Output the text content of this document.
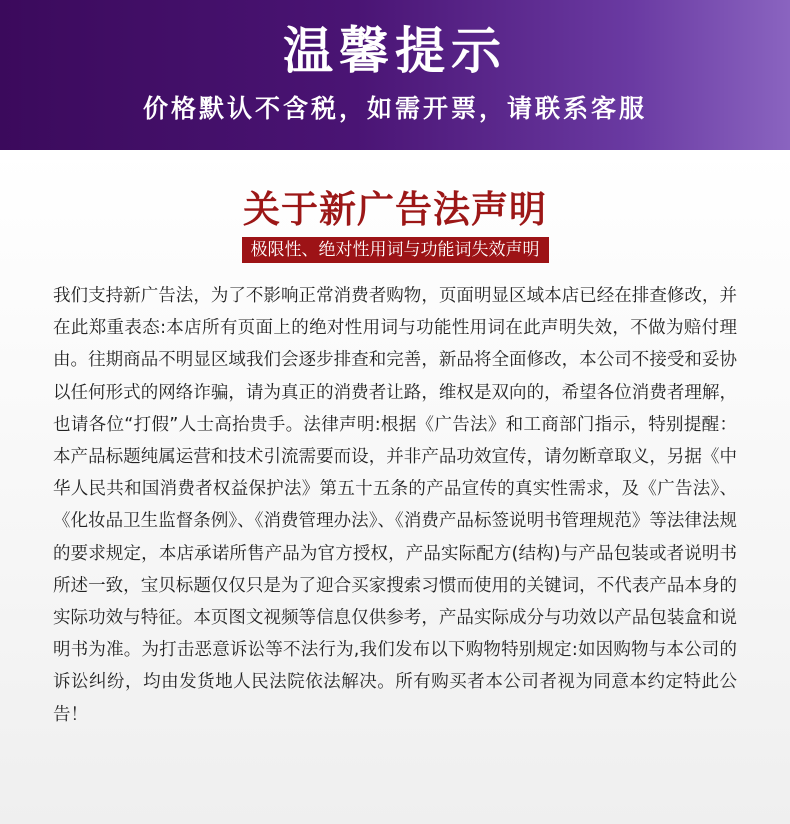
温馨提示
价格默认不含税，如需开票，请联系客服
关于新广告法声明
极限性、绝对性用词与功能词失效声明

我们支持新广告法，为了不影响正常消费者购物，页面明显区域本店已经在排查修改，并在此郑重表态:本店所有页面上的绝对性用词与功能性用词在此声明失效，不做为赔付理由。往期商品不明显区域我们会逐步排查和完善，新品将全面修改，本公司不接受和妥协以任何形式的网络诈骗，请为真正的消费者让路，维权是双向的，希望各位消费者理解，也请各位“打假”人士高抬贵手。法律声明:根据《广告法》和工商部门指示，特别提醒：本产品标题纯属运营和技术引流需要而设，并非产品功效宣传，请勿断章取义，另据《中华人民共和国消费者权益保护法》第五十五条的产品宣传的真实性需求，及《广告法》、《化妆品卫生监督条例》、《消费管理办法》、《消费产品标签说明书管理规范》等法律法规的要求规定，本店承诺所售产品为官方授权，产品实际配方(结构)与产品包装或者说明书所述一致，宝贝标题仅仅只是为了迎合买家搜索习惯而使用的关键词，不代表产品本身的实际功效与特征。本页图文视频等信息仅供参考，产品实际成分与功效以产品包装盒和说明书为准。为打击恶意诉讼等不法行为,我们发布以下购物特别规定:如因购物与本公司的诉讼纠纷，均由发货地人民法院依法解决。所有购买者本公司者视为同意本约定特此公告！
